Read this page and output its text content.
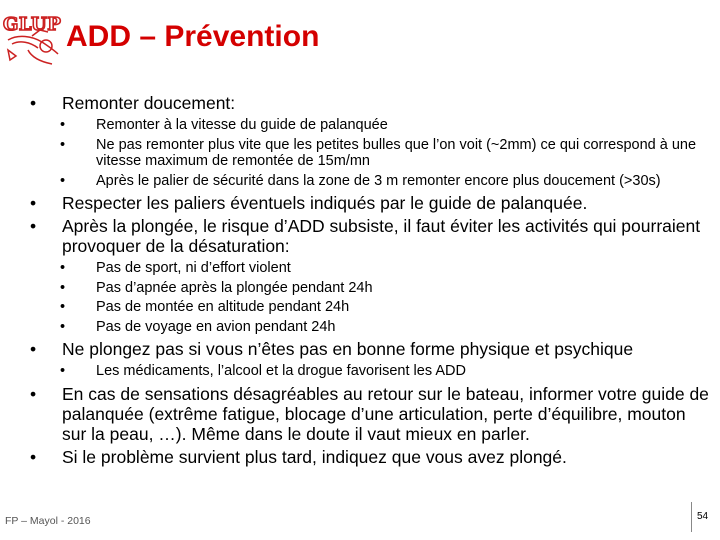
GLUP ADD – Prévention
• Remonter doucement:
• Remonter à la vitesse du guide de palanquée
• Ne pas remonter plus vite que les petites bulles que l’on voit (~2mm) ce qui correspond à une vitesse maximum de remontée de 15m/mn
• Après le palier de sécurité dans la zone de 3 m remonter encore plus doucement (>30s)
• Respecter les paliers éventuels indiqués par le guide de palanquée.
• Après la plongée, le risque d’ADD subsiste, il faut éviter les activités qui pourraient provoquer de la désaturation:
• Pas de sport, ni d’effort violent
• Pas d’apnée après la plongée pendant 24h
• Pas de montée en altitude pendant 24h
• Pas de voyage en avion pendant 24h
• Ne plongez pas si vous n’êtes pas en bonne forme physique et psychique
• Les médicaments, l’alcool et la drogue favorisent les ADD
• En cas de sensations désagréables au retour sur le bateau, informer votre guide de palanquée (extrême fatigue, blocage d’une articulation, perte d’équilibre, mouton sur la peau, …). Même dans le doute il vaut mieux en parler.
• Si le problème survient plus tard, indiquez que vous avez plongé.
FP – Mayol - 2016	54
